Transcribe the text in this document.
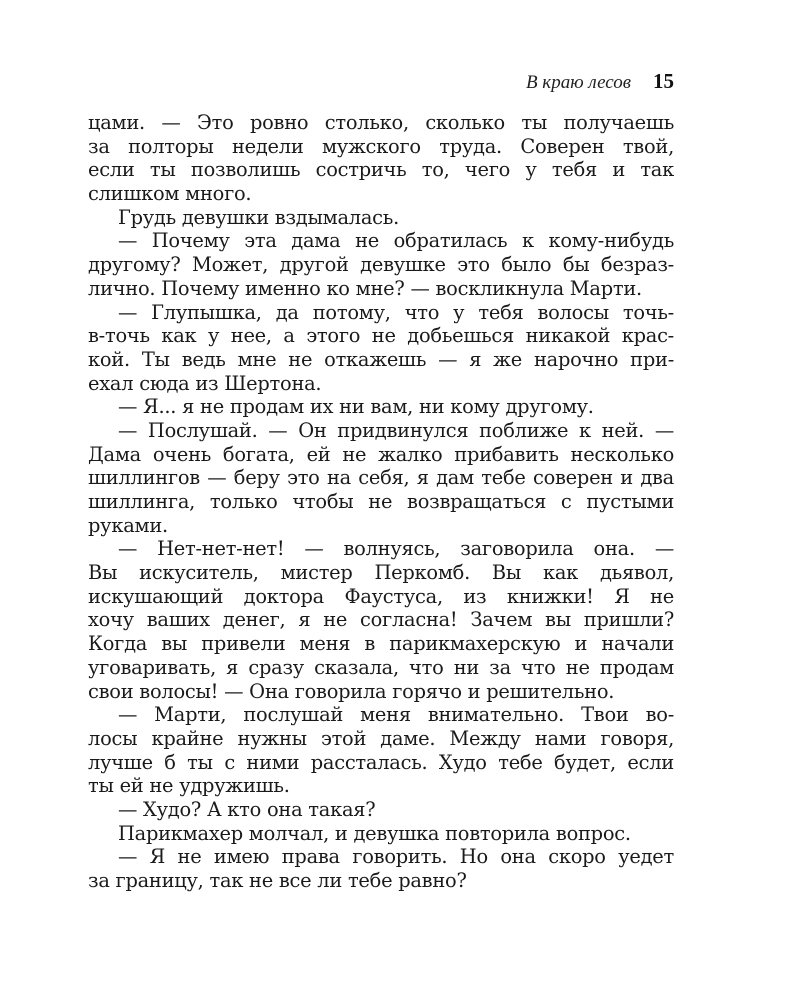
В краю лесов 15
цами. — Это ровно столько, сколько ты получаешь
за полторы недели мужского труда. Соверен твой,
если ты позволишь состричь то, чего у тебя и так
слишком много.
Грудь девушки вздымалась.
— Почему эта дама не обратилась к кому-нибудь
другому? Может, другой девушке это было бы безраз-
лично. Почему именно ко мне? — воскликнула Марти.
— Глупышка, да потому, что у тебя волосы точь-
в-точь как у нее, а этого не добьешься никакой крас-
кой. Ты ведь мне не откажешь — я же нарочно при-
ехал сюда из Шертона.
— Я... я не продам их ни вам, ни кому другому.
— Послушай. — Он придвинулся поближе к ней. —
Дама очень богата, ей не жалко прибавить несколько
шиллингов — беру это на себя, я дам тебе соверен и два
шиллинга, только чтобы не возвращаться с пустыми
руками.
— Нет-нет-нет! — волнуясь, заговорила она. —
Вы искуситель, мистер Перкомб. Вы как дьявол,
искушающий доктора Фаустуса, из книжки! Я не
хочу ваших денег, я не согласна! Зачем вы пришли?
Когда вы привели меня в парикмахерскую и начали
уговаривать, я сразу сказала, что ни за что не продам
свои волосы! — Она говорила горячо и решительно.
— Марти, послушай меня внимательно. Твои во-
лосы крайне нужны этой даме. Между нами говоря,
лучше б ты с ними рассталась. Худо тебе будет, если
ты ей не удружишь.
— Худо? А кто она такая?
Парикмахер молчал, и девушка повторила вопрос.
— Я не имею права говорить. Но она скоро уедет
за границу, так не все ли тебе равно?
